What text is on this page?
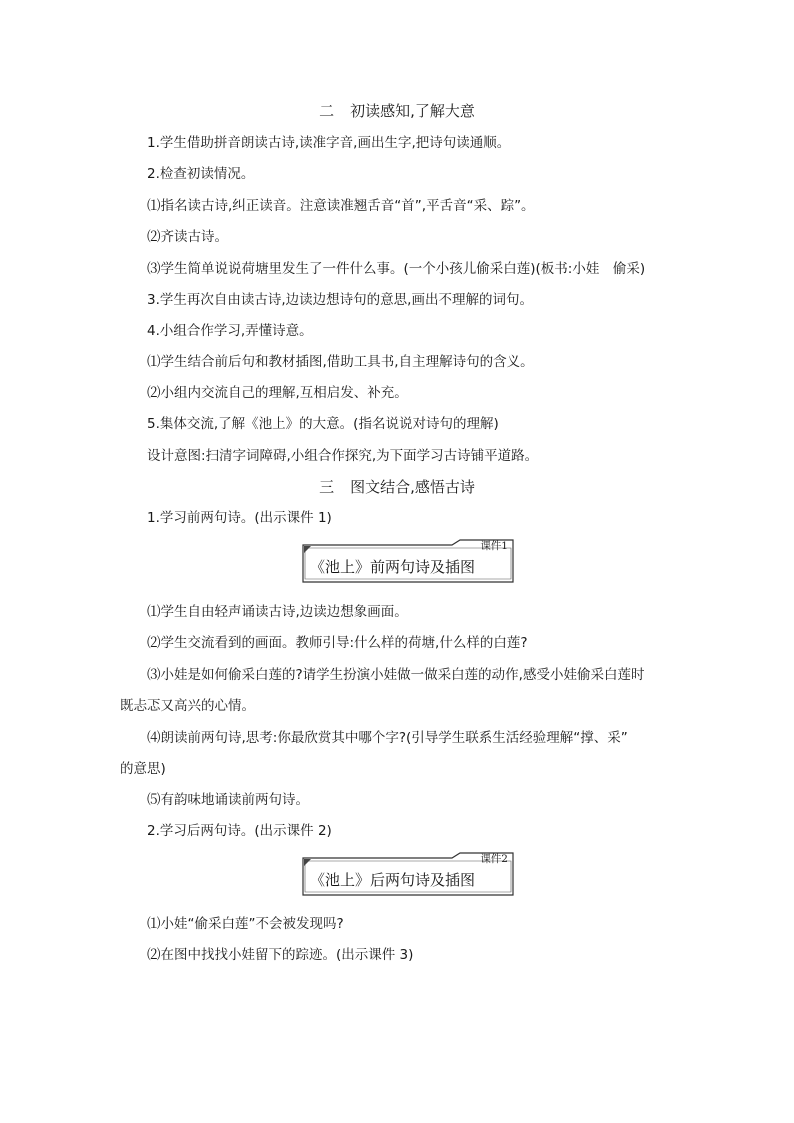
二 初读感知,了解大意
1.学生借助拼音朗读古诗,读准字音,画出生字,把诗句读通顺。
2.检查初读情况。
⑴指名读古诗,纠正读音。注意读准翘舌音“首”,平舌音“采、踪”。
⑵齐读古诗。
⑶学生简单说说荷塘里发生了一件什么事。(一个小孩儿偷采白莲)(板书:小娃　偷采)
3.学生再次自由读古诗,边读边想诗句的意思,画出不理解的词句。
4.小组合作学习,弄懂诗意。
⑴学生结合前后句和教材插图,借助工具书,自主理解诗句的含义。
⑵小组内交流自己的理解,互相启发、补充。
5.集体交流,了解《池上》的大意。(指名说说对诗句的理解)
设计意图:扫清字词障碍,小组合作探究,为下面学习古诗铺平道路。
三 图文结合,感悟古诗
1.学习前两句诗。(出示课件 1)
课件1
《池上》前两句诗及插图
⑴学生自由轻声诵读古诗,边读边想象画面。
⑵学生交流看到的画面。教师引导:什么样的荷塘,什么样的白莲?
⑶小娃是如何偷采白莲的?请学生扮演小娃做一做采白莲的动作,感受小娃偷采白莲时
既忐忑又高兴的心情。
⑷朗读前两句诗,思考:你最欣赏其中哪个字?(引导学生联系生活经验理解“撑、采”
的意思)
⑸有韵味地诵读前两句诗。
2.学习后两句诗。(出示课件 2)
课件2
《池上》后两句诗及插图
⑴小娃“偷采白莲”不会被发现吗?
⑵在图中找找小娃留下的踪迹。(出示课件 3)
